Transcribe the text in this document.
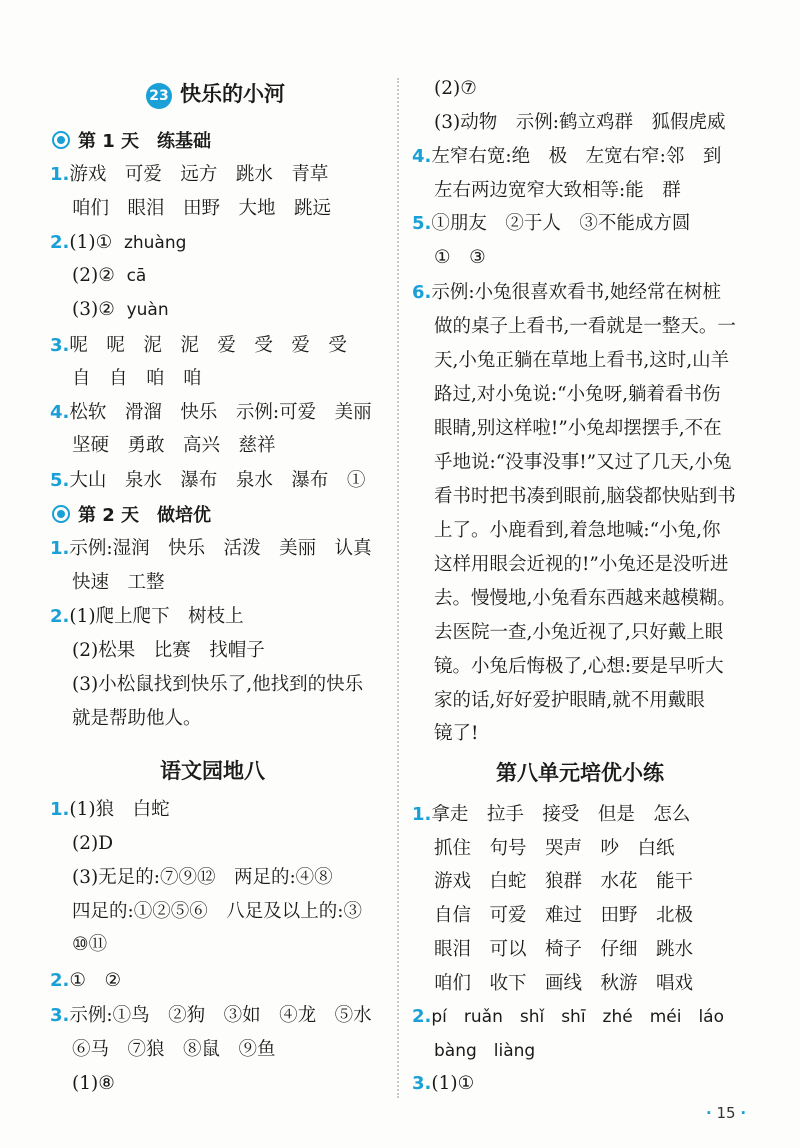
23 快乐的小河
第 1 天　练基础
1.游戏　可爱　远方　跳水　青草
咱们　眼泪　田野　大地　跳远
2.(1)① zhuàng
(2)② cā
(3)② yuàn
3.呢　呢　泥　泥　爱　受　爱　受
自　自　咱　咱
4.松软　滑溜　快乐　示例:可爱　美丽
坚硬　勇敢　高兴　慈祥
5.大山　泉水　瀑布　泉水　瀑布　①
第 2 天　做培优
1.示例:湿润　快乐　活泼　美丽　认真
快速　工整
2.(1)爬上爬下　树枝上
(2)松果　比赛　找帽子
(3)小松鼠找到快乐了,他找到的快乐
就是帮助他人。
语文园地八
1.(1)狼　白蛇
(2)D
(3)无足的:⑦⑨⑫　两足的:④⑧
四足的:①②⑤⑥　八足及以上的:③
⑩⑪
2.①　②
3.示例:①鸟　②狗　③如　④龙　⑤水
⑥马　⑦狼　⑧鼠　⑨鱼
(1)⑧
(2)⑦
(3)动物　示例:鹤立鸡群　狐假虎威
4.左窄右宽:绝　极　左宽右窄:邻　到
左右两边宽窄大致相等:能　群
5.①朋友　②于人　③不能成方圆
①　③
6.示例:小兔很喜欢看书,她经常在树桩
做的桌子上看书,一看就是一整天。一
天,小兔正躺在草地上看书,这时,山羊
路过,对小兔说:“小兔呀,躺着看书伤
眼睛,别这样啦!”小兔却摆摆手,不在
乎地说:“没事没事!”又过了几天,小兔
看书时把书凑到眼前,脑袋都快贴到书
上了。小鹿看到,着急地喊:“小兔,你
这样用眼会近视的!”小兔还是没听进
去。慢慢地,小兔看东西越来越模糊。
去医院一查,小兔近视了,只好戴上眼
镜。小兔后悔极了,心想:要是早听大
家的话,好好爱护眼睛,就不用戴眼
镜了!
第八单元培优小练
1.拿走　拉手　接受　但是　怎么
抓住　句号　哭声　吵　白纸
游戏　白蛇　狼群　水花　能干
自信　可爱　难过　田野　北极
眼泪　可以　椅子　仔细　跳水
咱们　收下　画线　秋游　唱戏
2.pí　ruǎn　shǐ　shī　zhé　méi　láo
bàng　liàng
3.(1)①
· 15 ·
